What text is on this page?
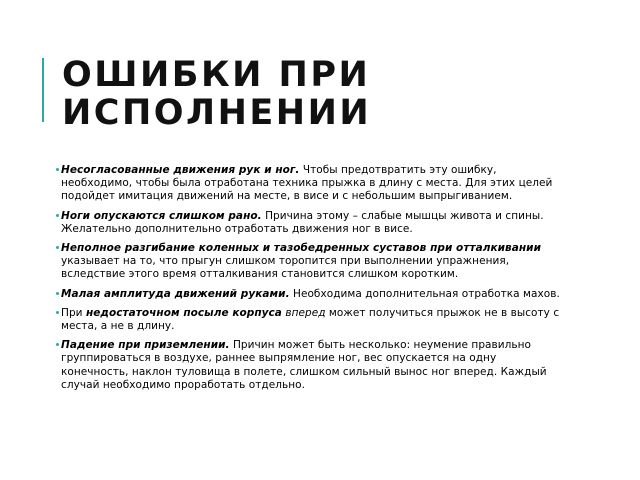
ОШИБКИ ПРИ ИСПОЛНЕНИИ
Несогласованные движения рук и ног. Чтобы предотвратить эту ошибку, необходимо, чтобы была отработана техника прыжка в длину с места. Для этих целей подойдет имитация движений на месте, в висе и с небольшим выпрыгиванием.
Ноги опускаются слишком рано. Причина этому – слабые мышцы живота и спины. Желательно дополнительно отработать движения ног в висе.
Неполное разгибание коленных и тазобедренных суставов при отталкивании указывает на то, что прыгун слишком торопится при выполнении упражнения, вследствие этого время отталкивания становится слишком коротким.
Малая амплитуда движений руками. Необходима дополнительная отработка махов.
При недостаточном посыле корпуса вперед может получиться прыжок не в высоту с места, а не в длину.
Падение при приземлении. Причин может быть несколько: неумение правильно группироваться в воздухе, раннее выпрямление ног, вес опускается на одну конечность, наклон туловища в полете, слишком сильный вынос ног вперед. Каждый случай необходимо проработать отдельно.
